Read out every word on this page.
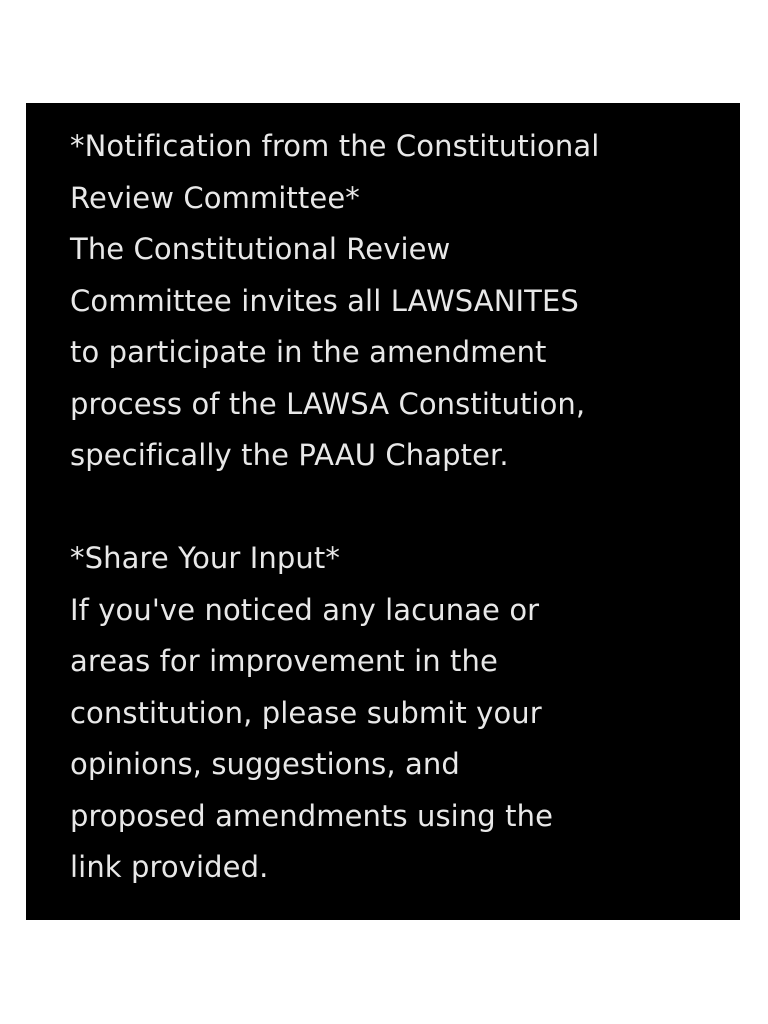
*Notification from the Constitutional
Review Committee*
The Constitutional Review
Committee invites all LAWSANITES
to participate in the amendment
process of the LAWSA Constitution,
specifically the PAAU Chapter.

*Share Your Input*
If you've noticed any lacunae or
areas for improvement in the
constitution, please submit your
opinions, suggestions, and
proposed amendments using the
link provided.
